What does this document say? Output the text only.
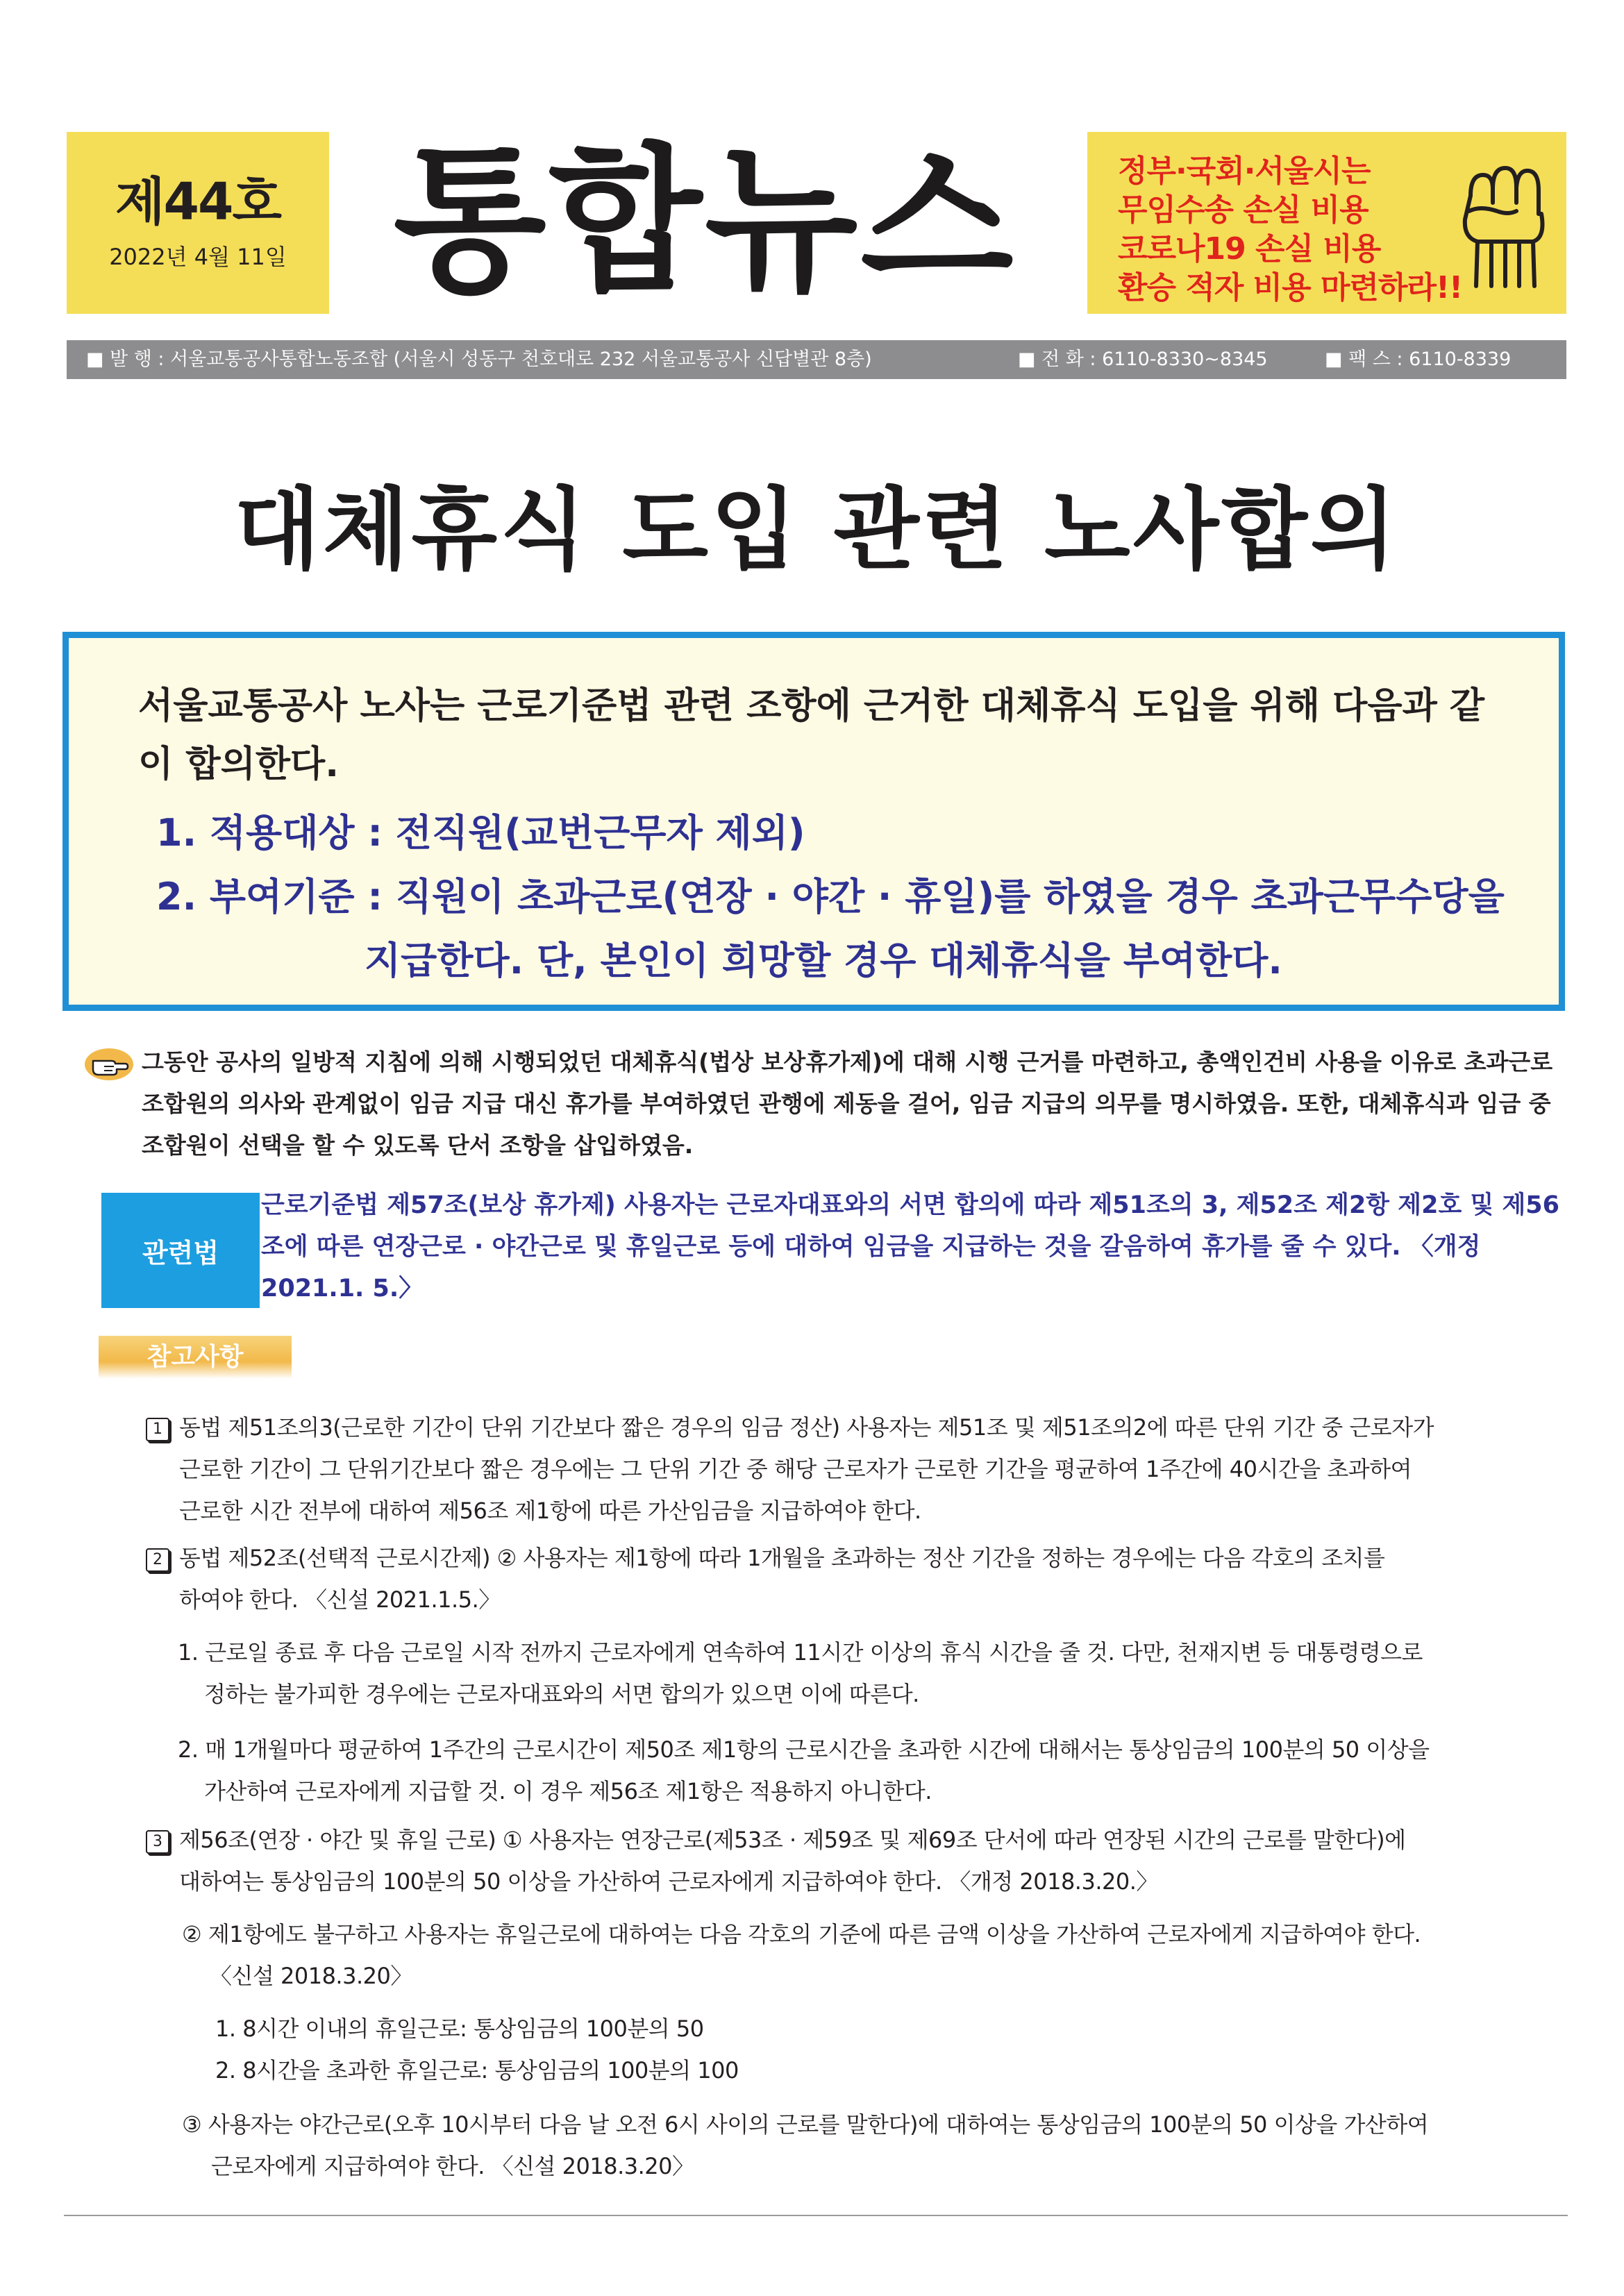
제44호
2022년 4월 11일 통합뉴스	정부·국회·서울시는
무임수송 손실 비용
코로나19 손실 비용
환승 적자 비용 마련하라!!
■ 발 행 : 서울교통공사통합노동조합 (서울시 성동구 천호대로 232 서울교통공사 신답별관 8층)	■ 전 화 : 6110-8330~8345	■ 팩 스 : 6110-8339
대체휴식 도입 관련 노사합의
서울교통공사 노사는 근로기준법 관련 조항에 근거한 대체휴식 도입을 위해 다음과 같이 합의한다.
1. 적용대상 : 전직원(교번근무자 제외)
2. 부여기준 : 직원이 초과근로(연장 · 야간 · 휴일)를 하였을 경우 초과근무수당을
지급한다. 단, 본인이 희망할 경우 대체휴식을 부여한다.
그동안 공사의 일방적 지침에 의해 시행되었던 대체휴식(법상 보상휴가제)에 대해 시행 근거를 마련하고, 총액인건비 사용을 이유로 초과근로 조합원의 의사와 관계없이 임금 지급 대신 휴가를 부여하였던 관행에 제동을 걸어, 임금 지급의 의무를 명시하였음. 또한, 대체휴식과 임금 중 조합원이 선택을 할 수 있도록 단서 조항을 삽입하였음.
관련법
근로기준법 제57조(보상 휴가제) 사용자는 근로자대표와의 서면 합의에 따라 제51조의 3, 제52조 제2항 제2호 및 제56조에 따른 연장근로 · 야간근로 및 휴일근로 등에 대하여 임금을 지급하는 것을 갈음하여 휴가를 줄 수 있다. 〈개정 2021.1. 5.〉
참고사항
1 동법 제51조의3(근로한 기간이 단위 기간보다 짧은 경우의 임금 정산) 사용자는 제51조 및 제51조의2에 따른 단위 기간 중 근로자가
근로한 기간이 그 단위기간보다 짧은 경우에는 그 단위 기간 중 해당 근로자가 근로한 기간을 평균하여 1주간에 40시간을 초과하여
근로한 시간 전부에 대하여 제56조 제1항에 따른 가산임금을 지급하여야 한다.
2 동법 제52조(선택적 근로시간제) ② 사용자는 제1항에 따라 1개월을 초과하는 정산 기간을 정하는 경우에는 다음 각호의 조치를
하여야 한다. 〈신설 2021.1.5.〉
1. 근로일 종료 후 다음 근로일 시작 전까지 근로자에게 연속하여 11시간 이상의 휴식 시간을 줄 것. 다만, 천재지변 등 대통령령으로
정하는 불가피한 경우에는 근로자대표와의 서면 합의가 있으면 이에 따른다.
2. 매 1개월마다 평균하여 1주간의 근로시간이 제50조 제1항의 근로시간을 초과한 시간에 대해서는 통상임금의 100분의 50 이상을
가산하여 근로자에게 지급할 것. 이 경우 제56조 제1항은 적용하지 아니한다.
3 제56조(연장 · 야간 및 휴일 근로) ① 사용자는 연장근로(제53조 · 제59조 및 제69조 단서에 따라 연장된 시간의 근로를 말한다)에
대하여는 통상임금의 100분의 50 이상을 가산하여 근로자에게 지급하여야 한다. 〈개정 2018.3.20.〉
② 제1항에도 불구하고 사용자는 휴일근로에 대하여는 다음 각호의 기준에 따른 금액 이상을 가산하여 근로자에게 지급하여야 한다.
〈신설 2018.3.20〉
1. 8시간 이내의 휴일근로: 통상임금의 100분의 50
2. 8시간을 초과한 휴일근로: 통상임금의 100분의 100
③ 사용자는 야간근로(오후 10시부터 다음 날 오전 6시 사이의 근로를 말한다)에 대하여는 통상임금의 100분의 50 이상을 가산하여
근로자에게 지급하여야 한다. 〈신설 2018.3.20〉
